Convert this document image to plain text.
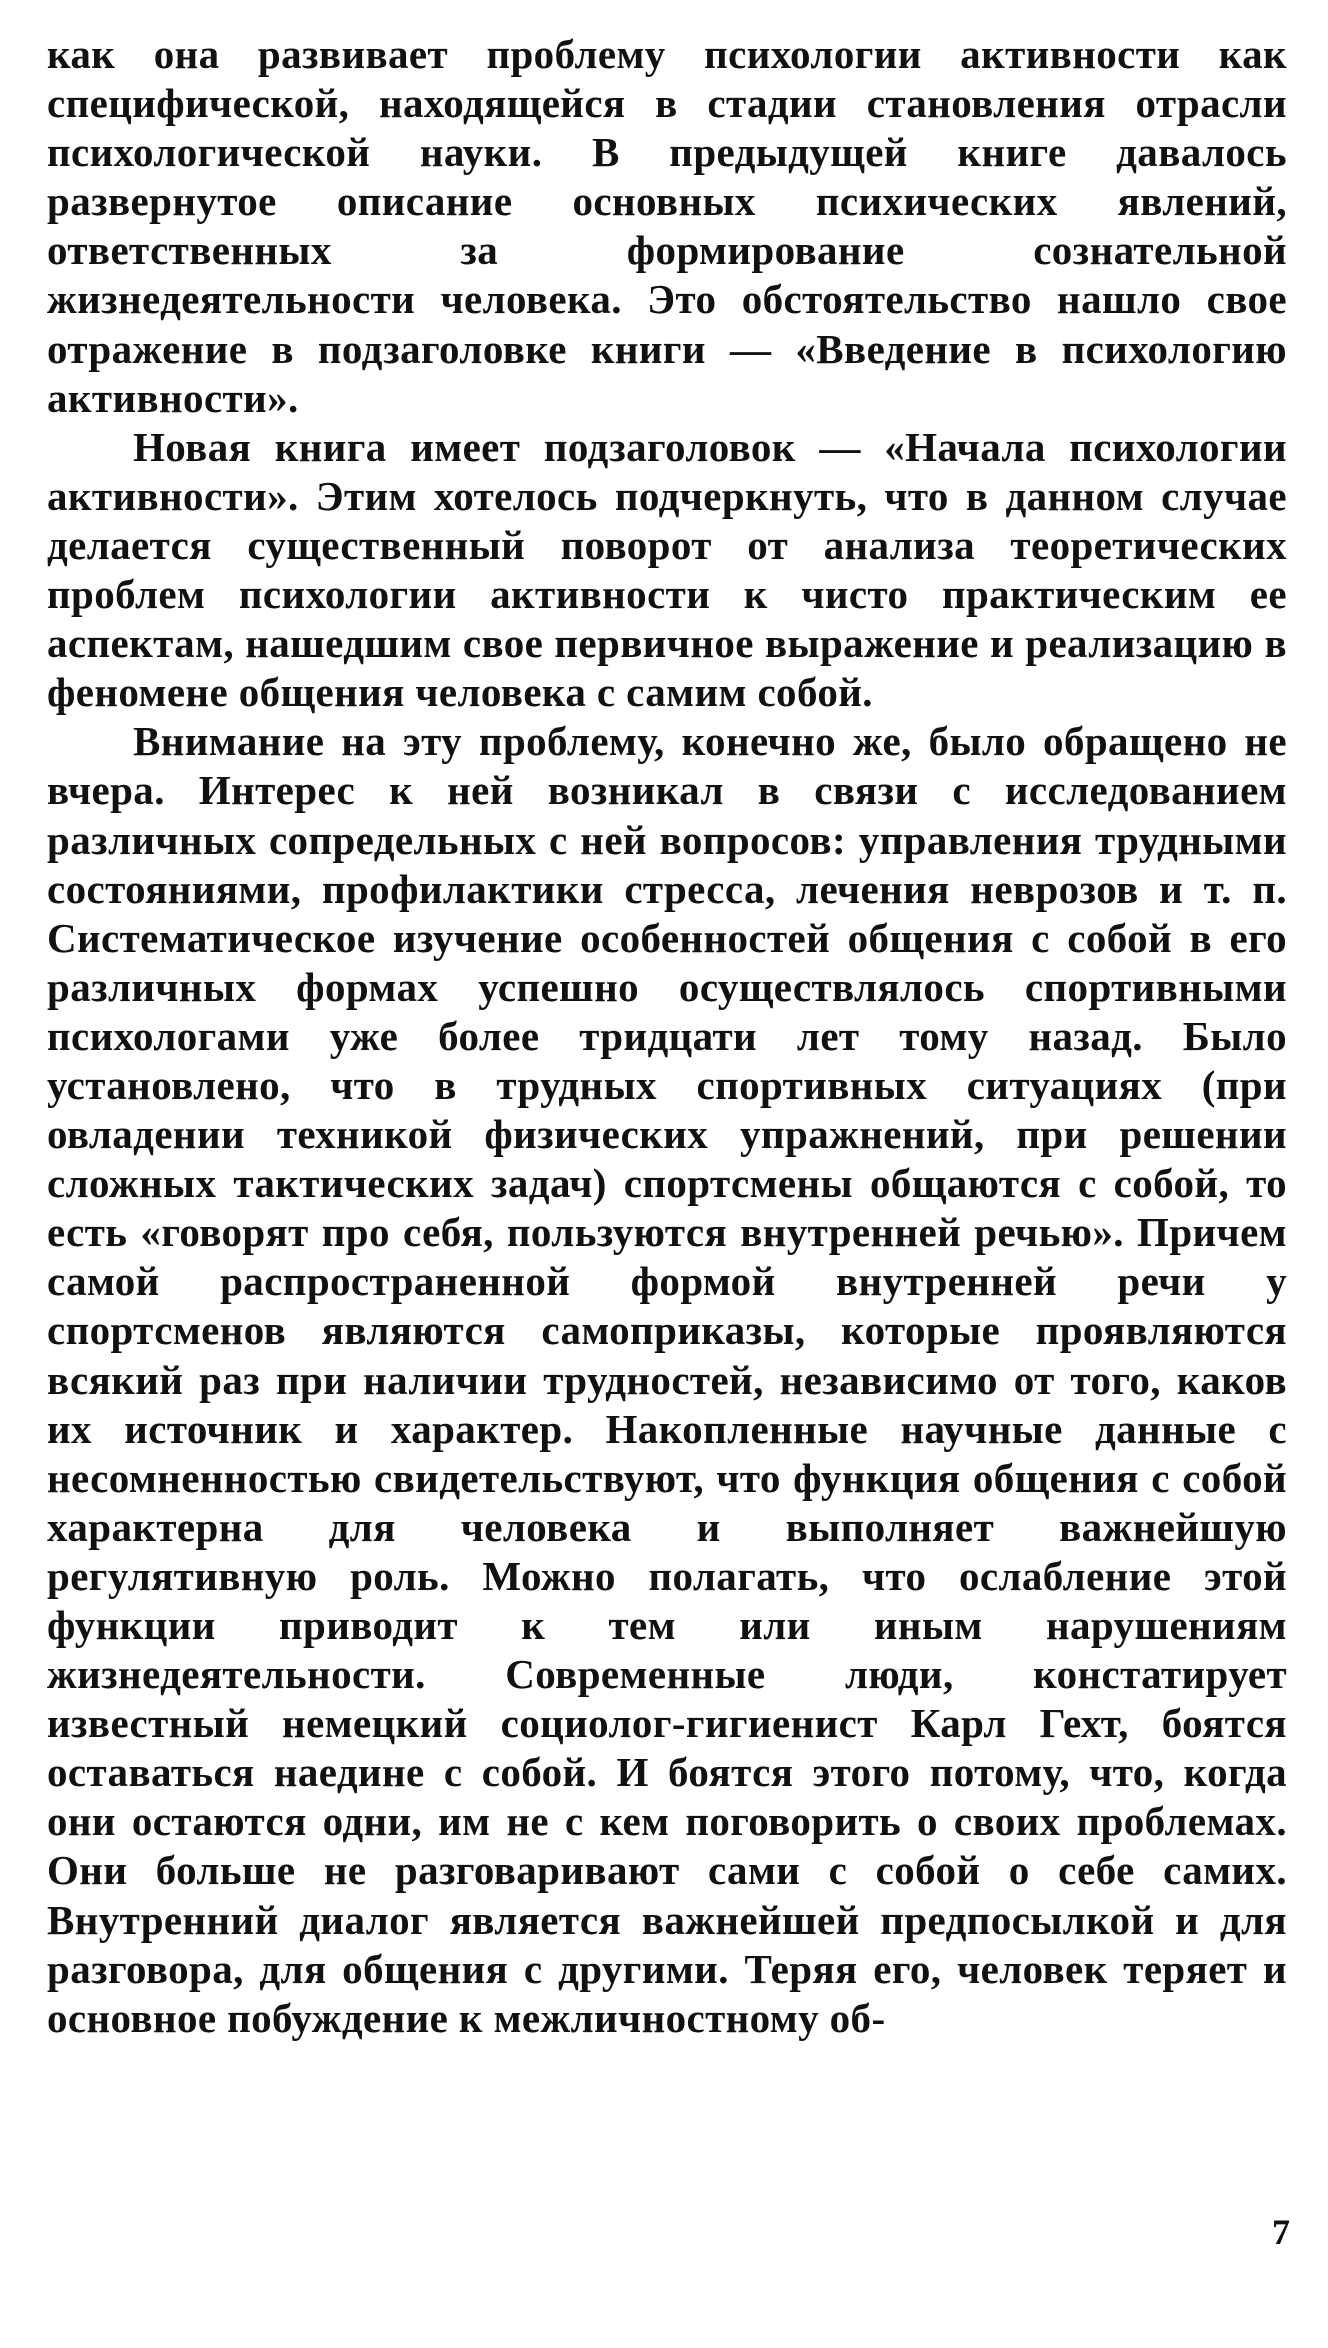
как она развивает проблему психологии активности как специфической, находящейся в стадии становления отрасли психологической науки. В предыдущей книге давалось развернутое описание основных психических явлений, ответственных за формирование сознательной жизнедеятельности человека. Это обстоятельство нашло свое отражение в подзаголовке книги — «Введение в психологию активности».

Новая книга имеет подзаголовок — «Начала психологии активности». Этим хотелось подчеркнуть, что в данном случае делается существенный поворот от анализа теоретических проблем психологии активности к чисто практическим ее аспектам, нашедшим свое первичное выражение и реализацию в феномене общения человека с самим собой.

Внимание на эту проблему, конечно же, было обращено не вчера. Интерес к ней возникал в связи с исследованием различных сопредельных с ней вопросов: управления трудными состояниями, профилактики стресса, лечения неврозов и т. п. Систематическое изучение особенностей общения с собой в его различных формах успешно осуществлялось спортивными психологами уже более тридцати лет тому назад. Было установлено, что в трудных спортивных ситуациях (при овладении техникой физических упражнений, при решении сложных тактических задач) спортсмены общаются с собой, то есть «говорят про себя, пользуются внутренней речью». Причем самой распространенной формой внутренней речи у спортсменов являются самоприказы, которые проявляются всякий раз при наличии трудностей, независимо от того, каков их источник и характер. Накопленные научные данные с несомненностью свидетельствуют, что функция общения с собой характерна для человека и выполняет важнейшую регулятивную роль. Можно полагать, что ослабление этой функции приводит к тем или иным нарушениям жизнедеятельности. Современные люди, констатирует известный немецкий социолог-гигиенист Карл Гехт, боятся оставаться наедине с собой. И боятся этого потому, что, когда они остаются одни, им не с кем поговорить о своих проблемах. Они больше не разговаривают сами с собой о себе самих. Внутренний диалог является важнейшей предпосылкой и для разговора, для общения с другими. Теряя его, человек теряет и основное побуждение к межличностному об-

7
